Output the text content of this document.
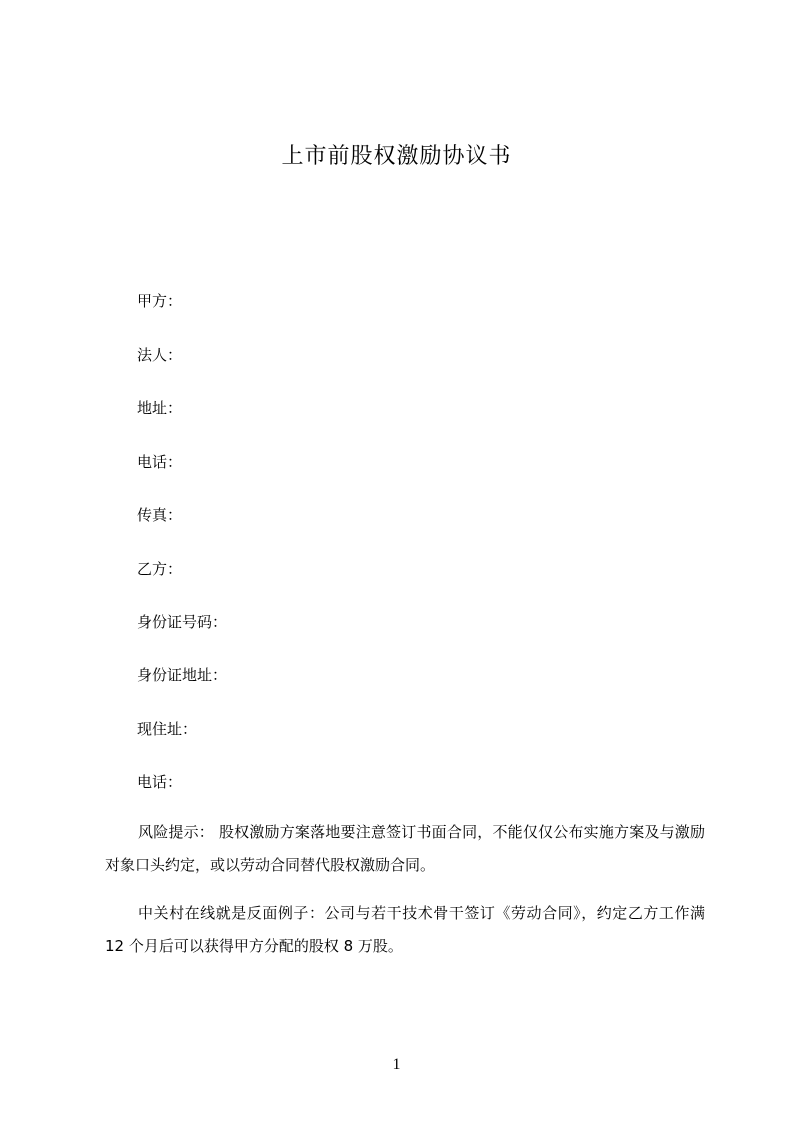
上市前股权激励协议书
甲方：
法人：
地址：
电话：
传真：
乙方：
身份证号码：
身份证地址：
现住址：
电话：
风险提示： 股权激励方案落地要注意签订书面合同，不能仅仅公布实施方案及与激励对象口头约定，或以劳动合同替代股权激励合同。
中关村在线就是反面例子：公司与若干技术骨干签订《劳动合同》，约定乙方工作满 12 个月后可以获得甲方分配的股权 8 万股。
1
